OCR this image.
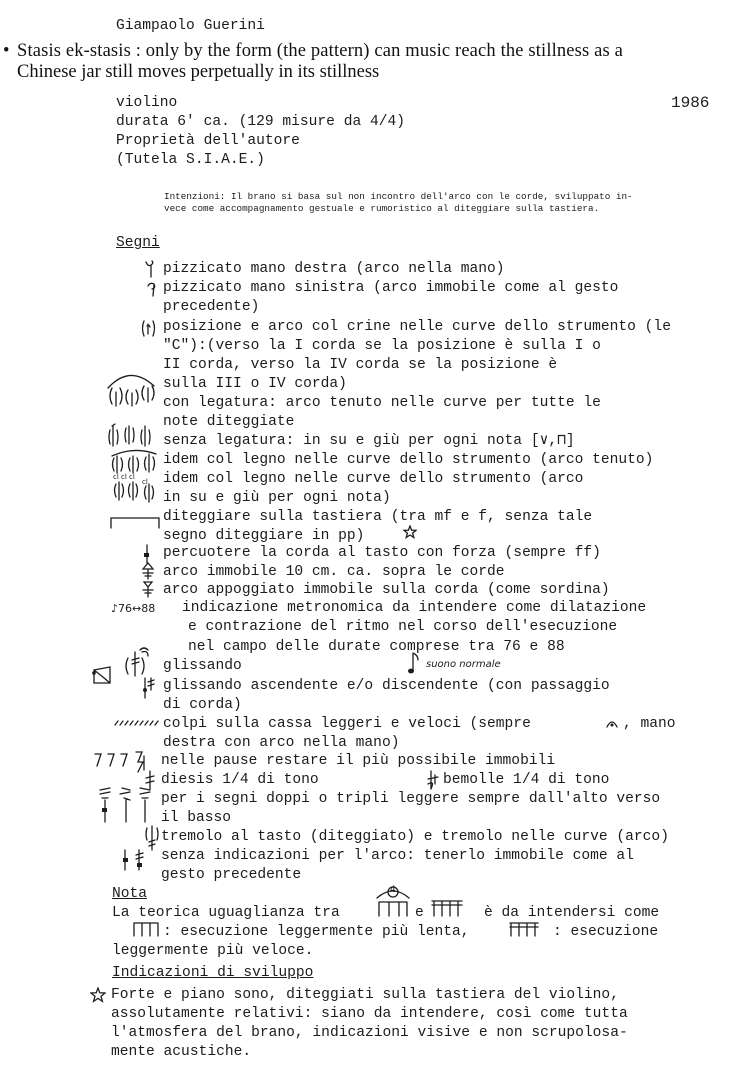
Giampaolo Guerini
• Stasis ek-stasis : only by the form (the pattern) can music reach the stillness as a
Chinese jar still moves perpetually in its stillness
violino	1986
durata 6' ca. (129 misure da 4/4)
Proprietà dell'autore
(Tutela S.I.A.E.)
Intenzioni: Il brano si basa sul non incontro dell'arco con le corde, sviluppato in-
vece come accompagnamento gestuale e rumoristico al diteggiare sulla tastiera.
Segni
pizzicato mano destra (arco nella mano)
pizzicato mano sinistra (arco immobile come al gesto
precedente)
posizione e arco col crine nelle curve dello strumento (le
"C"):(verso la I corda se la posizione è sulla I o
II corda, verso la IV corda se la posizione è
sulla III o IV corda)
con legatura: arco tenuto nelle curve per tutte le
note diteggiate
senza legatura: in su e giù per ogni nota [∨,⊓]
idem col legno nelle curve dello strumento (arco tenuto)
idem col legno nelle curve dello strumento (arco
in su e giù per ogni nota)
diteggiare sulla tastiera (tra mf e f, senza tale
segno diteggiare in pp)
percuotere la corda al tasto con forza (sempre ff)
arco immobile 10 cm. ca. sopra le corde
arco appoggiato immobile sulla corda (come sordina)
indicazione metronomica da intendere come dilatazione
e contrazione del ritmo nel corso dell'esecuzione
nel campo delle durate comprese tra 76 e 88
glissando
glissando ascendente e/o discendente (con passaggio
di corda)
colpi sulla cassa leggeri e veloci (sempre	, mano
destra con arco nella mano)
nelle pause restare il più possibile immobili
diesis 1/4 di tono	bemolle 1/4 di tono
per i segni doppi o tripli leggere sempre dall'alto verso
il basso
tremolo al tasto (diteggiato) e tremolo nelle curve (arco)
senza indicazioni per l'arco: tenerlo immobile come al
gesto precedente
cl cl cl
cl
♪76↔88
suono normale
Nota
La teorica uguaglianza tra
4
e	è da intendersi come
: esecuzione leggermente più lenta,	: esecuzione
leggermente più veloce.
Indicazioni di sviluppo
Forte e piano sono, diteggiati sulla tastiera del violino,
assolutamente relativi: siano da intendere, così come tutta
l'atmosfera del brano, indicazioni visive e non scrupolosa-
mente acustiche.
